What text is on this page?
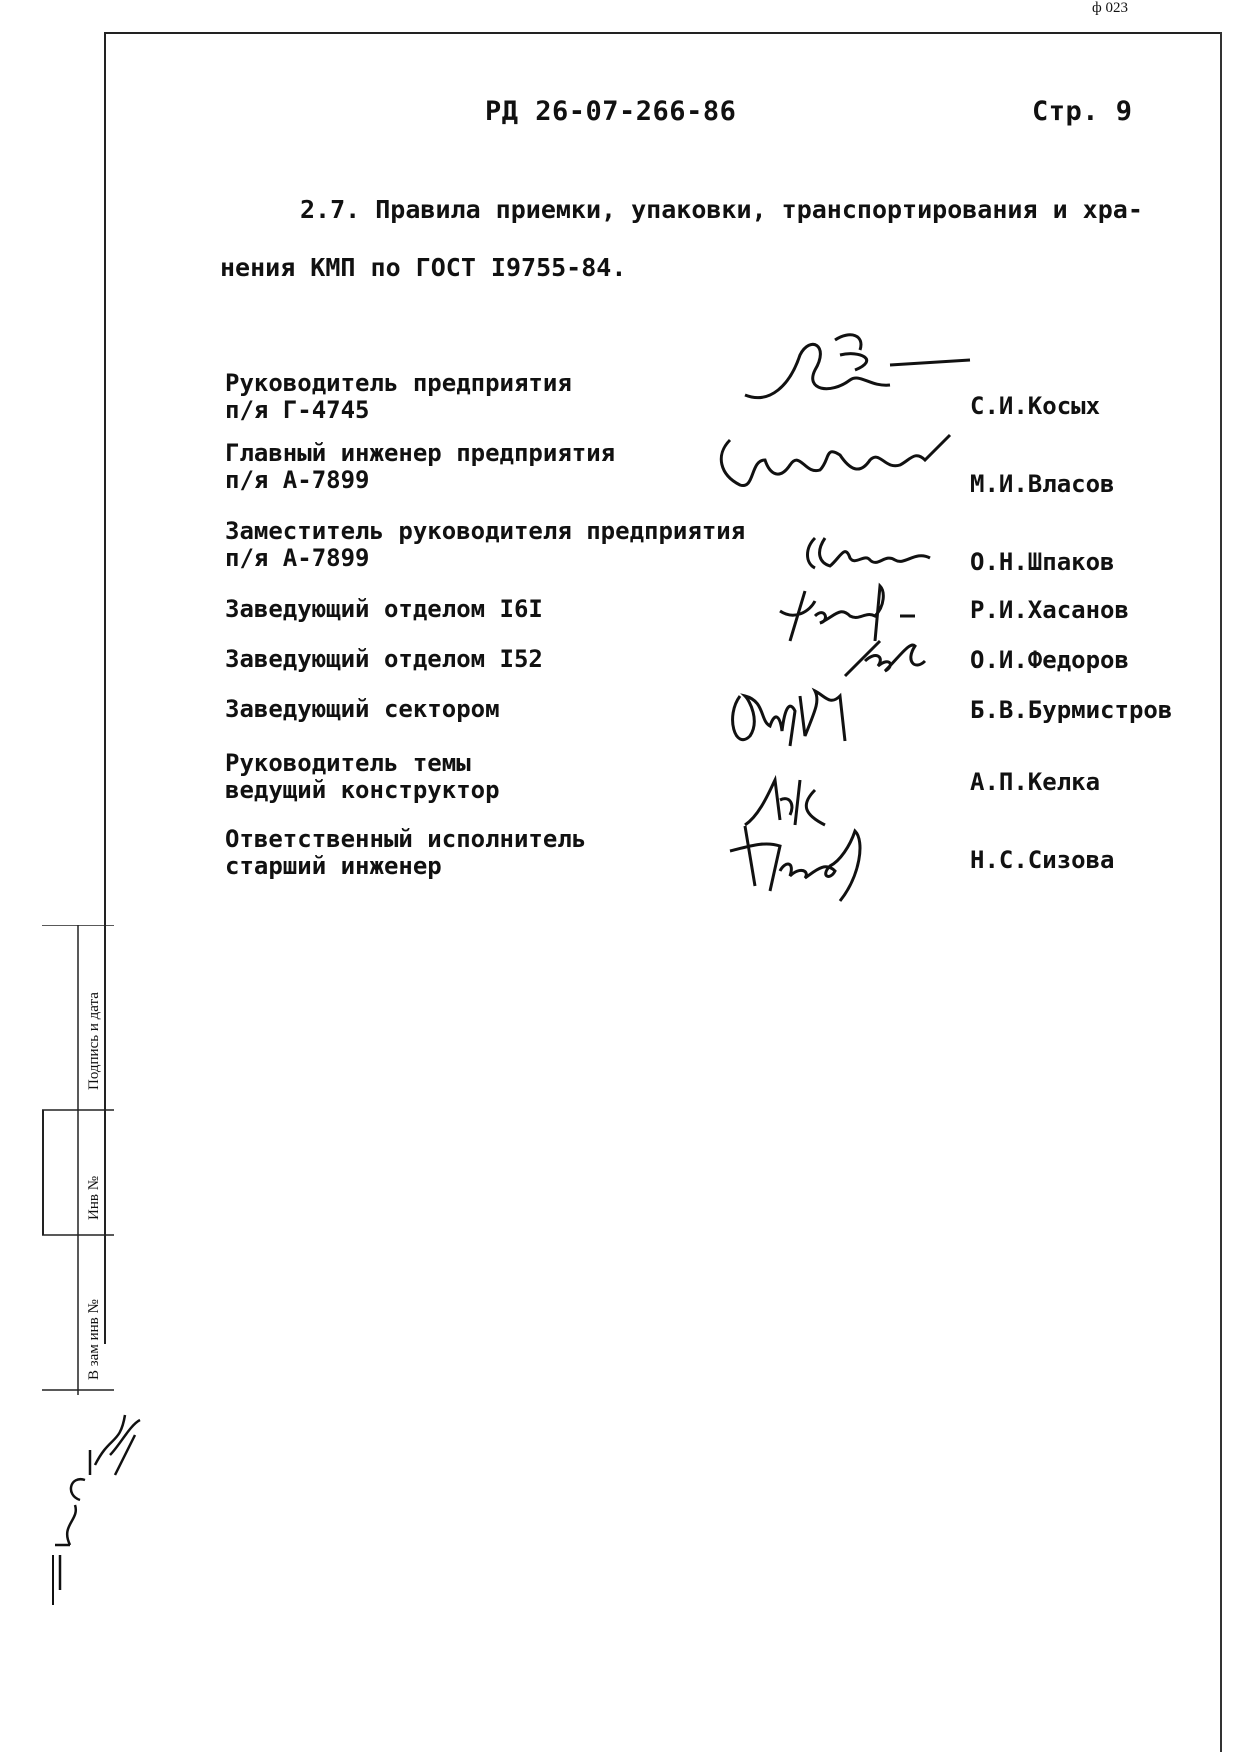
ф 023
РД 26-07-266-86	Стр. 9
2.7. Правила приемки, упаковки, транспортирования и хра-
нения КМП по ГОСТ I9755-84.
Руководитель предприятия
п/я Г-4745	С.И.Косых
Главный инженер предприятия
п/я А-7899	М.И.Власов
Заместитель руководителя предприятия
п/я А-7899	О.Н.Шпаков
Заведующий отделом I6I	Р.И.Хасанов
Заведующий отделом I52	О.И.Федоров
Заведующий сектором	Б.В.Бурмистров
Руководитель темы
ведущий конструктор	А.П.Келка
Ответственный исполнитель
старший инженер	Н.С.Сизова
Подпись и дата
Инв №
В зам инв №
